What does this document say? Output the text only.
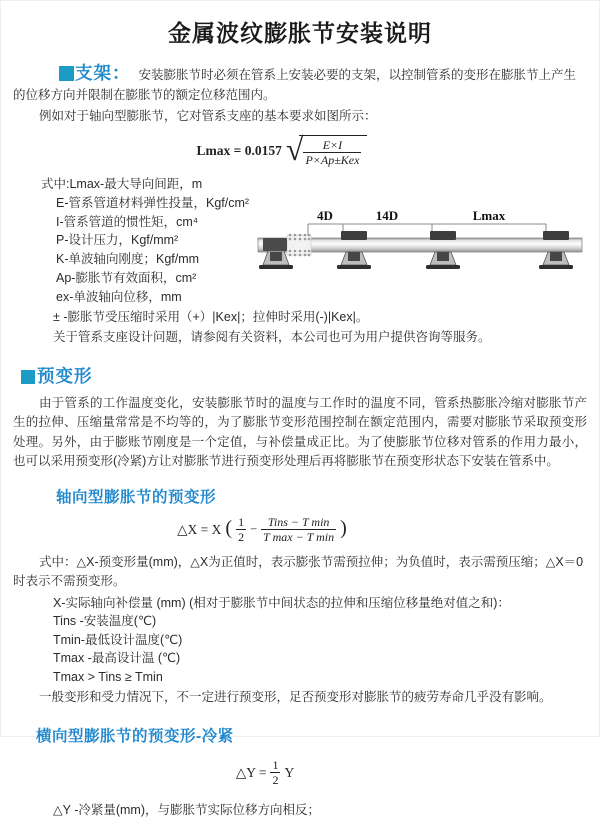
金属波纹膨胀节安装说明

支架： 安装膨胀节时必须在管系上安装必要的支架，以控制管系的变形在膨胀节上产生的位移方向并限制在膨胀节的额定位移范围内。

例如对于轴向型膨胀节，它对管系支座的基本要求如图所示：

Lmax = 0.0157 √ $\frac{E\times I}{\text{P×Ap±Kex}}$
式中:Lmax-最大导向间距，m
E-管系管道材料弹性投量，Kgf/cm²
I-管系管道的惯性矩，cm⁴
P-设计压力，Kgf/mm²
K-单波轴向刚度；Kgf/mm
Ap-膨胀节有效面积，cm²
ex-单波轴向位移，mm
4D	14D	Lmax

± -膨胀节受压缩时采用（+）|Kex|；拉伸时采用(-)|Kex|。

关于管系支座设计问题，请参阅有关资料，本公司也可为用户提供咨询等服务。

预变形

由于管系的工作温度变化，安装膨胀节时的温度与工作时的温度不同，管系热膨胀冷缩对膨胀节产生的拉伸、压缩量常常是不均等的，为了膨胀节变形范围控制在额定范围内，需要对膨胀节采取预变形处理。另外，由于膨账节刚度是一个定值，与补偿量成正比。为了使膨胀节位移对管系的作用力最小，也可以采用预变形(冷紧)方让对膨胀节进行预变形处理后再将膨胀节在预变形状态下安装在管系中。

轴向型膨胀节的预变形
△X = X ( $\frac{1}{2} - \frac{\text{Tins − T min}}{\text{T max − T min}}$ )

式中：△X-预变形量(mm)，△X为正值时，表示膨张节需预拉伸；为负值时，表示需预压缩；△X＝0时表示不需预变形。

X-实际轴向补偿量 (mm) (相对于膨胀节中间状态的拉伸和压缩位移量绝对值之和)：

Tins -安装温度(℃)

Tmin-最低设计温度(℃)

Tmax -最高设计温 (℃)

Tmax > Tins ≥ Tmin

一般变形和受力情况下，不一定进行预变形，足否预变形对膨胀节的疲劳寿命几乎没有影响。

横向型膨胀节的预变形-冷紧
△Y = $\frac{1}{2}$ Y

△Y -冷紧量(mm)，与膨胀节实际位移方向相反；
